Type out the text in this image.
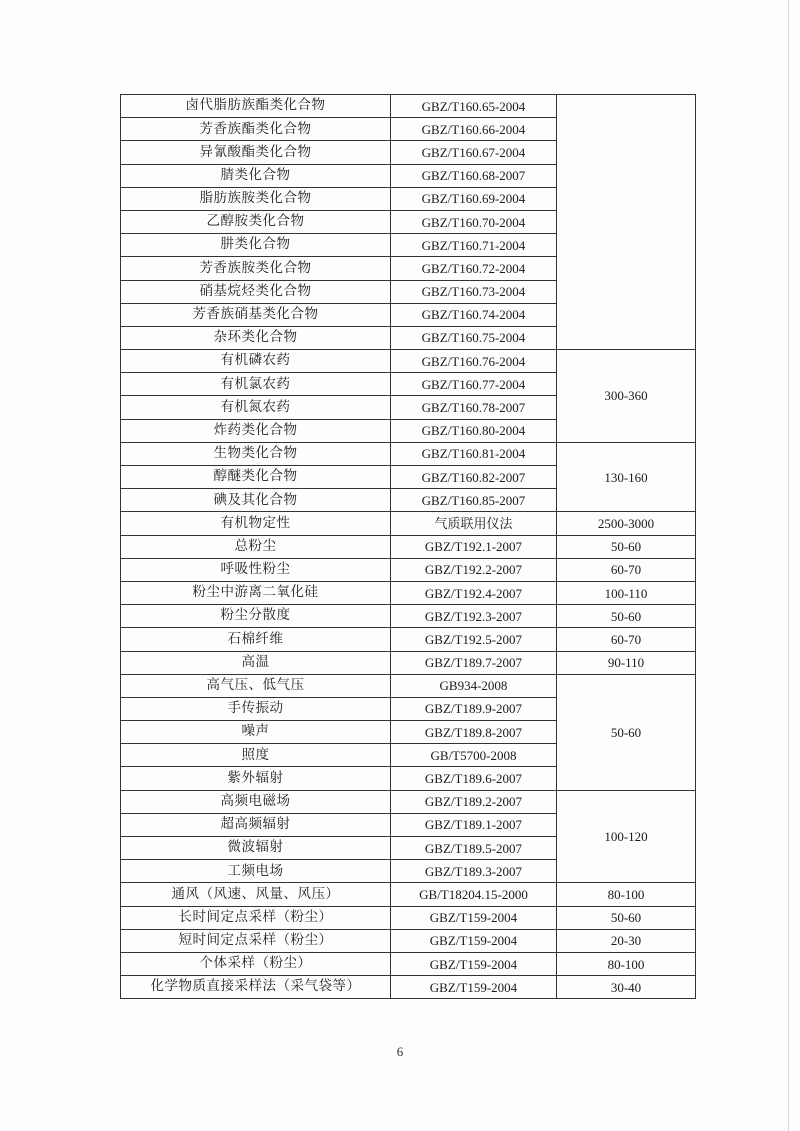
卤代脂肪族酯类化合物	GBZ/T160.65-2004	
芳香族酯类化合物	GBZ/T160.66-2004	
异氰酸酯类化合物	GBZ/T160.67-2004	
腈类化合物	GBZ/T160.68-2007	
脂肪族胺类化合物	GBZ/T160.69-2004	
乙醇胺类化合物	GBZ/T160.70-2004	
肼类化合物	GBZ/T160.71-2004	
芳香族胺类化合物	GBZ/T160.72-2004	
硝基烷烃类化合物	GBZ/T160.73-2004	
芳香族硝基类化合物	GBZ/T160.74-2004	
杂环类化合物	GBZ/T160.75-2004	
有机磷农药	GBZ/T160.76-2004	300-360
有机氯农药	GBZ/T160.77-2004	
有机氮农药	GBZ/T160.78-2007	
炸药类化合物	GBZ/T160.80-2004	
生物类化合物	GBZ/T160.81-2004	130-160
醇醚类化合物	GBZ/T160.82-2007	
碘及其化合物	GBZ/T160.85-2007	
有机物定性	气质联用仪法	2500-3000
总粉尘	GBZ/T192.1-2007	50-60
呼吸性粉尘	GBZ/T192.2-2007	60-70
粉尘中游离二氧化硅	GBZ/T192.4-2007	100-110
粉尘分散度	GBZ/T192.3-2007	50-60
石棉纤维	GBZ/T192.5-2007	60-70
高温	GBZ/T189.7-2007	90-110
高气压、低气压	GB934-2008	50-60
手传振动	GBZ/T189.9-2007	
噪声	GBZ/T189.8-2007	
照度	GB/T5700-2008	
紫外辐射	GBZ/T189.6-2007	
高频电磁场	GBZ/T189.2-2007	100-120
超高频辐射	GBZ/T189.1-2007	
微波辐射	GBZ/T189.5-2007	
工频电场	GBZ/T189.3-2007	
通风（风速、风量、风压）	GB/T18204.15-2000	80-100
长时间定点采样（粉尘）	GBZ/T159-2004	50-60
短时间定点采样（粉尘）	GBZ/T159-2004	20-30
个体采样（粉尘）	GBZ/T159-2004	80-100
化学物质直接采样法（采气袋等）	GBZ/T159-2004	30-40
6
